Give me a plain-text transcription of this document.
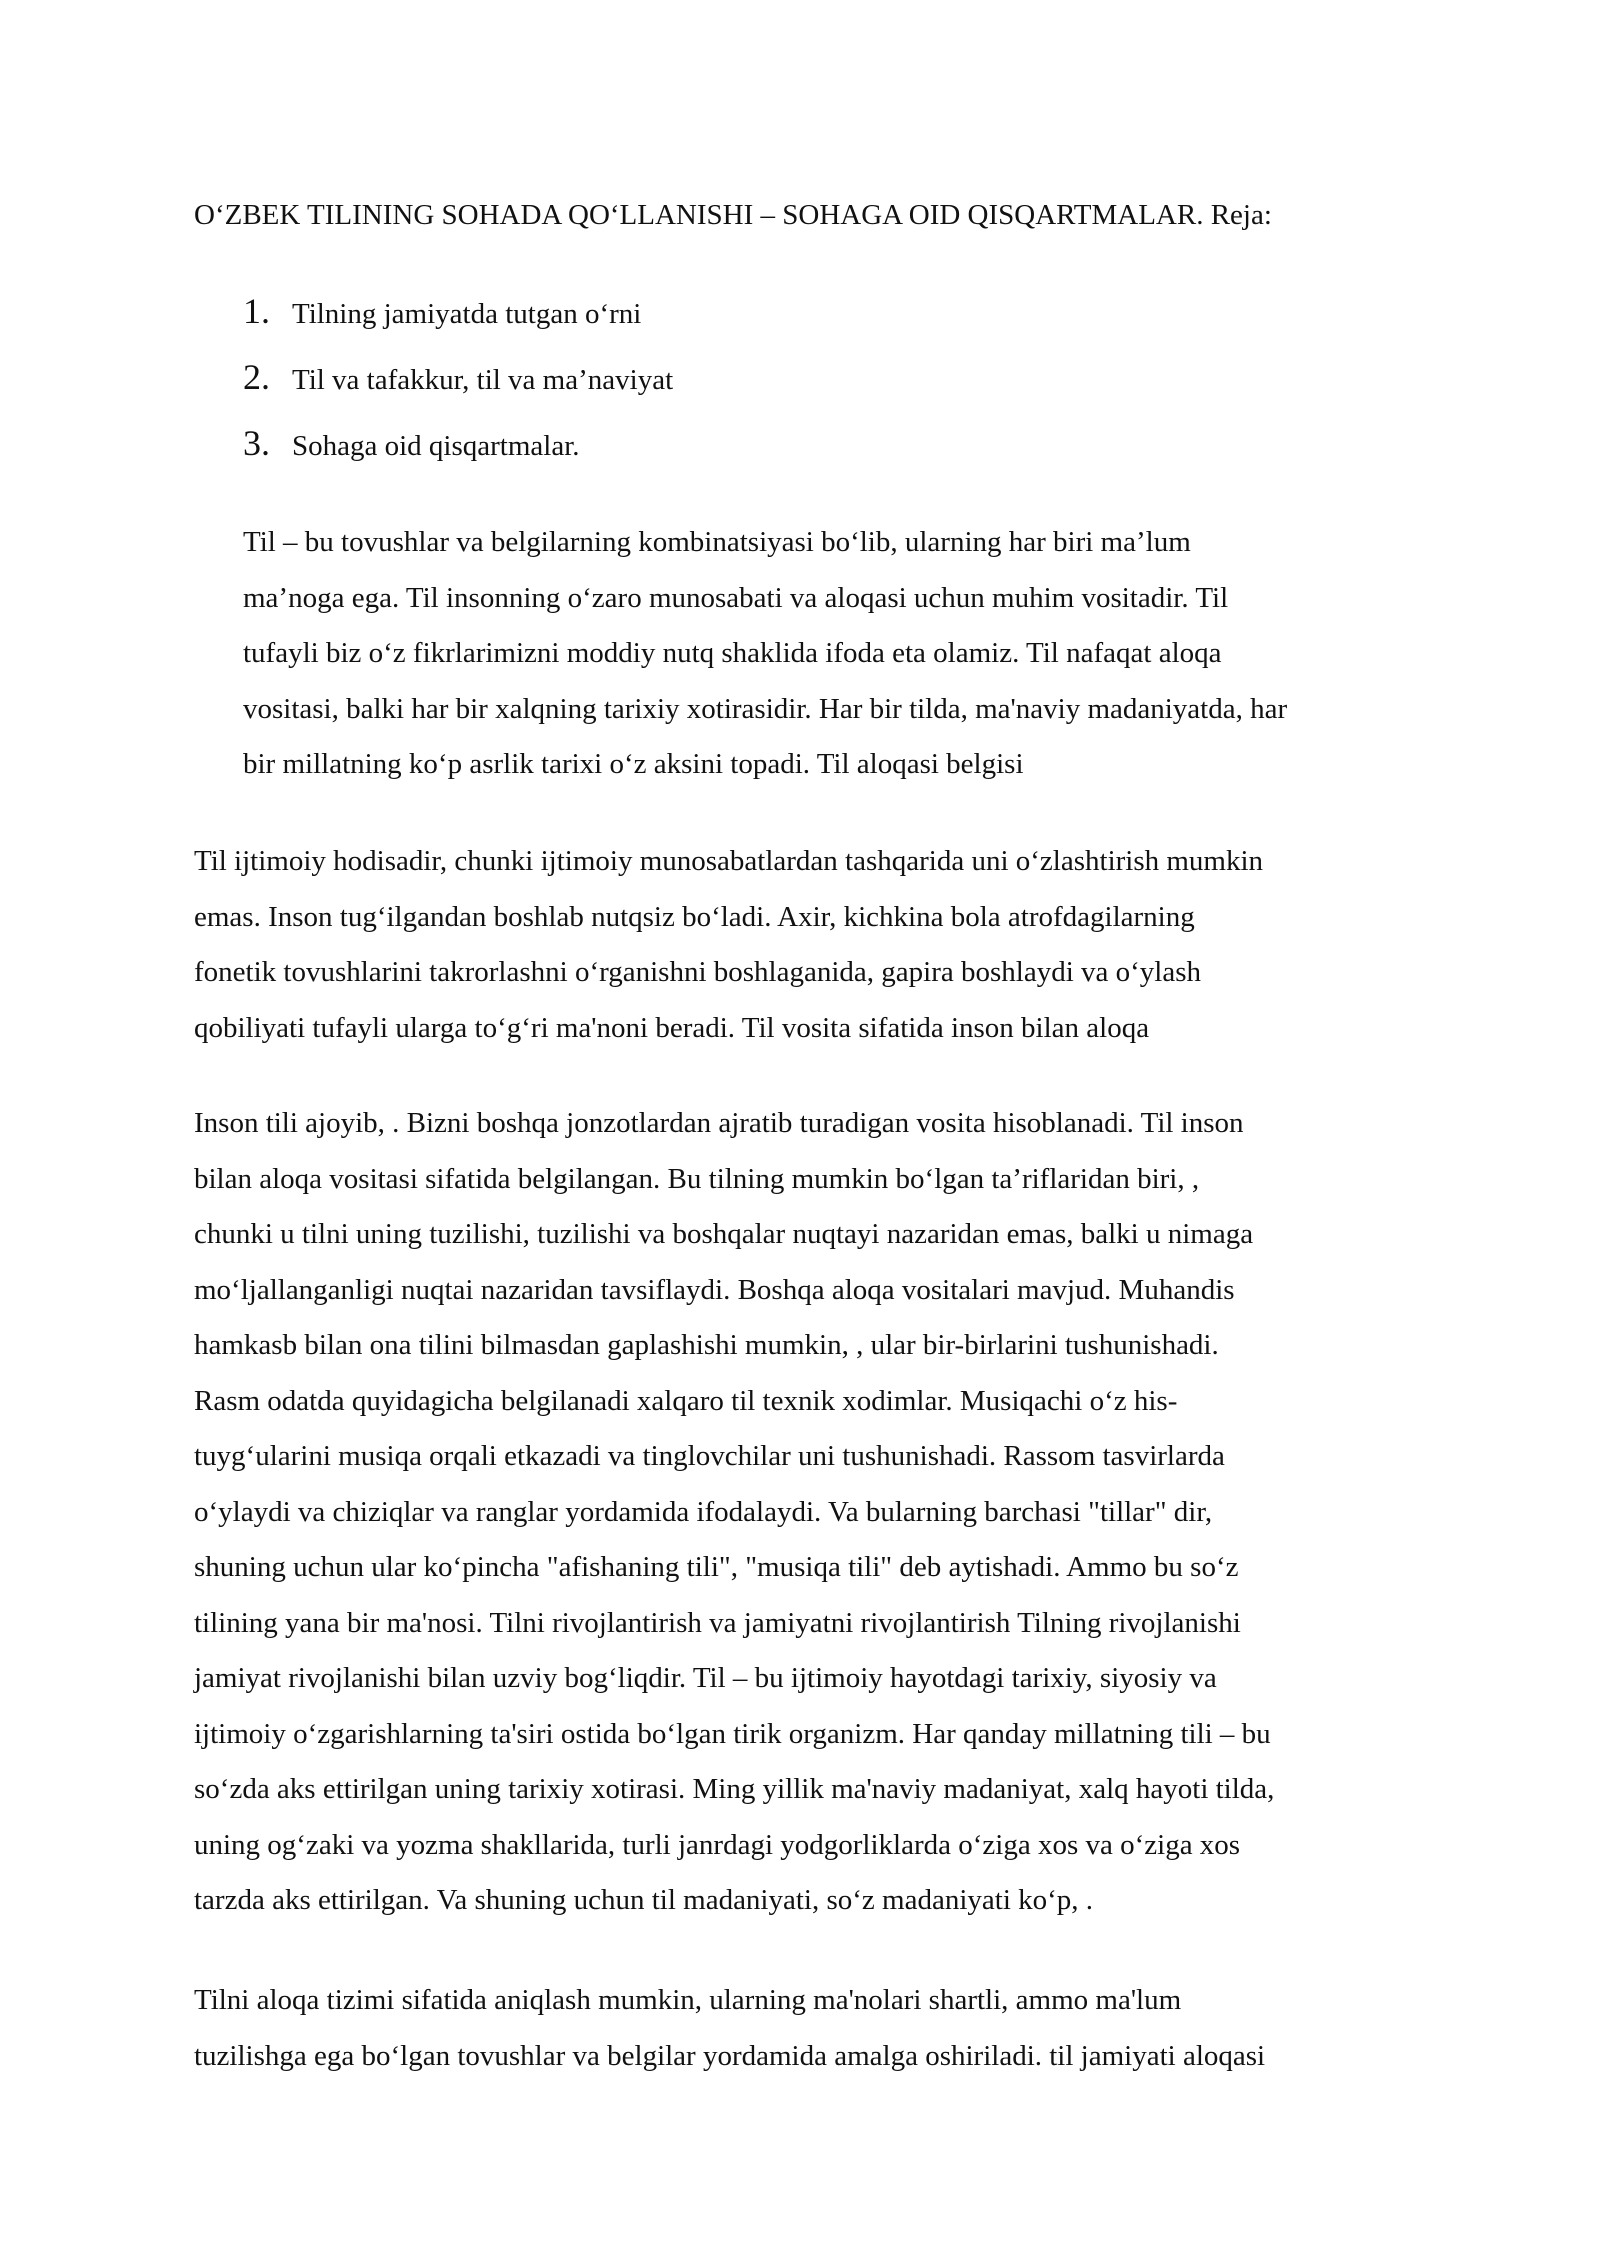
O‘ZBEK TILINING SOHADA QO‘LLANISHI – SOHAGA OID QISQARTMALAR. Reja:
1. Tilning jamiyatda tutgan o‘rni
2. Til va tafakkur, til va ma’naviyat
3. Sohaga oid qisqartmalar.

Til – bu tovushlar va belgilarning kombinatsiyasi bo‘lib, ularning har biri ma’lum
ma’noga ega. Til insonning o‘zaro munosabati va aloqasi uchun muhim vositadir. Til
tufayli biz o‘z fikrlarimizni moddiy nutq shaklida ifoda eta olamiz. Til nafaqat aloqa
vositasi, balki har bir xalqning tarixiy xotirasidir. Har bir tilda, ma'naviy madaniyatda, har
bir millatning ko‘p asrlik tarixi o‘z aksini topadi. Til aloqasi belgisi

Til ijtimoiy hodisadir, chunki ijtimoiy munosabatlardan tashqarida uni o‘zlashtirish mumkin
emas. Inson tug‘ilgandan boshlab nutqsiz bo‘ladi. Axir, kichkina bola atrofdagilarning
fonetik tovushlarini takrorlashni o‘rganishni boshlaganida, gapira boshlaydi va o‘ylash
qobiliyati tufayli ularga to‘g‘ri ma'noni beradi. Til vosita sifatida inson bilan aloqa

Inson tili ajoyib, . Bizni boshqa jonzotlardan ajratib turadigan vosita hisoblanadi. Til inson
bilan aloqa vositasi sifatida belgilangan. Bu tilning mumkin bo‘lgan ta’riflaridan biri, ,
chunki u tilni uning tuzilishi, tuzilishi va boshqalar nuqtayi nazaridan emas, balki u nimaga
mo‘ljallanganligi nuqtai nazaridan tavsiflaydi. Boshqa aloqa vositalari mavjud. Muhandis
hamkasb bilan ona tilini bilmasdan gaplashishi mumkin, , ular bir-birlarini tushunishadi.
Rasm odatda quyidagicha belgilanadi xalqaro til texnik xodimlar. Musiqachi o‘z his-
tuyg‘ularini musiqa orqali etkazadi va tinglovchilar uni tushunishadi. Rassom tasvirlarda
o‘ylaydi va chiziqlar va ranglar yordamida ifodalaydi. Va bularning barchasi "tillar" dir,
shuning uchun ular ko‘pincha "afishaning tili", "musiqa tili" deb aytishadi. Ammo bu so‘z
tilining yana bir ma'nosi. Tilni rivojlantirish va jamiyatni rivojlantirish Tilning rivojlanishi
jamiyat rivojlanishi bilan uzviy bog‘liqdir. Til – bu ijtimoiy hayotdagi tarixiy, siyosiy va
ijtimoiy o‘zgarishlarning ta'siri ostida bo‘lgan tirik organizm. Har qanday millatning tili – bu
so‘zda aks ettirilgan uning tarixiy xotirasi. Ming yillik ma'naviy madaniyat, xalq hayoti tilda,
uning og‘zaki va yozma shakllarida, turli janrdagi yodgorliklarda o‘ziga xos va o‘ziga xos
tarzda aks ettirilgan. Va shuning uchun til madaniyati, so‘z madaniyati ko‘p, .

Tilni aloqa tizimi sifatida aniqlash mumkin, ularning ma'nolari shartli, ammo ma'lum
tuzilishga ega bo‘lgan tovushlar va belgilar yordamida amalga oshiriladi. til jamiyati aloqasi
